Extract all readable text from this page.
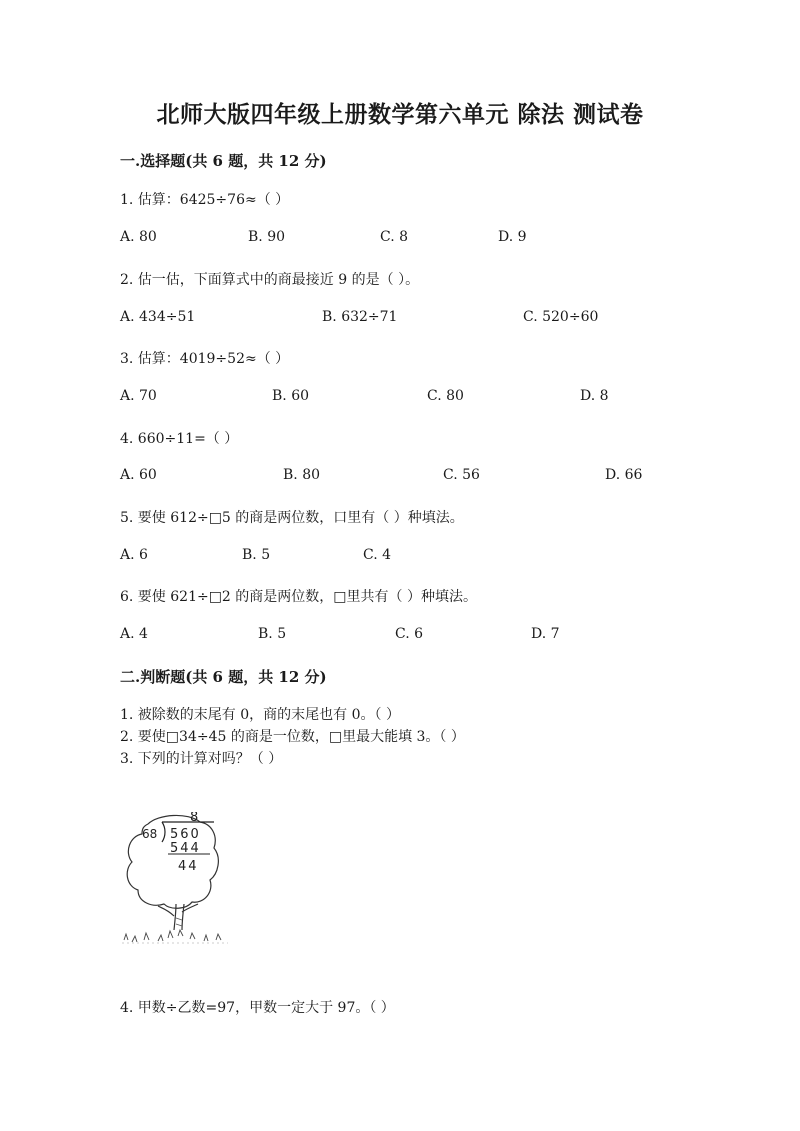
北师大版四年级上册数学第六单元 除法 测试卷
一.选择题(共 6 题，共 12 分)
1. 估算：6425÷76≈（ ）
A. 80	B. 90	C. 8	D. 9
2. 估一估，下面算式中的商最接近 9 的是（ ）。
A. 434÷51	B. 632÷71	C. 520÷60
3. 估算：4019÷52≈（ ）
A. 70	B. 60	C. 80	D. 8
4. 660÷11=（ ）
A. 60	B. 80	C. 56	D. 66
5. 要使 612÷□5 的商是两位数，口里有（ ）种填法。
A. 6	B. 5	C. 4
6. 要使 621÷□2 的商是两位数，□里共有（ ）种填法。
A. 4	B. 5	C. 6	D. 7
二.判断题(共 6 题，共 12 分)
1. 被除数的末尾有 0，商的末尾也有 0。（ ）
2. 要使□34÷45 的商是一位数，□里最大能填 3。（ ）
3. 下列的计算对吗？（ ）
8
68 560
544
44
4. 甲数÷乙数=97，甲数一定大于 97。（ ）
